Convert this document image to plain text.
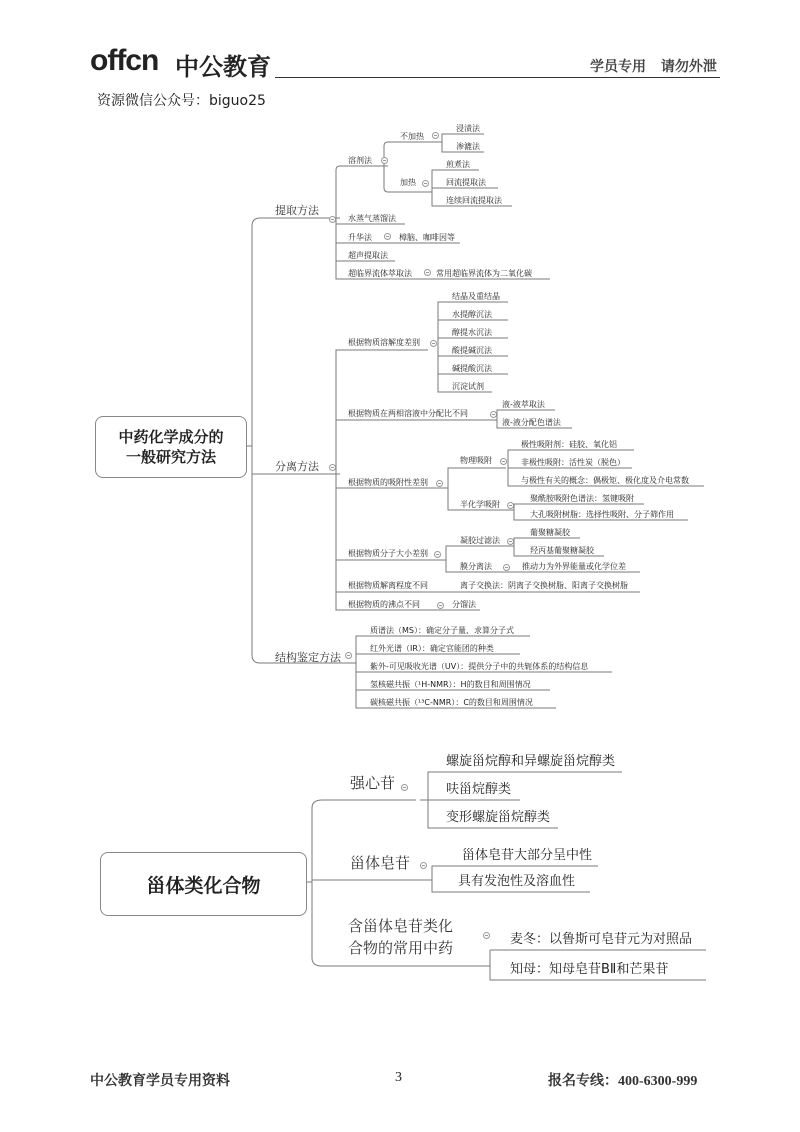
offcn 中公教育	学员专用 请勿外泄
资源微信公众号：biguo25
中药化学成分的
一般研究方法
提取方法
溶剂法
不加热
浸渍法
渗漉法
加热
煎煮法
回流提取法
连续回流提取法
水蒸气蒸馏法
升华法	樟脑、咖啡因等
超声提取法
超临界流体萃取法	常用超临界流体为二氧化碳
分离方法
根据物质溶解度差别
结晶及重结晶
水提醇沉法
醇提水沉法
酸提碱沉法
碱提酸沉法
沉淀试剂
根据物质在两相溶液中分配比不同
液-液萃取法
液-液分配色谱法
根据物质的吸附性差别
物理吸附
极性吸附剂：硅胶、氧化铝
非极性吸附：活性炭（脱色）
与极性有关的概念：偶极矩、极化度及介电常数
半化学吸附
聚酰胺吸附色谱法：氢键吸附
大孔吸附树脂：选择性吸附、分子筛作用
根据物质分子大小差别
凝胶过滤法
葡聚糖凝胶
羟丙基葡聚糖凝胶
膜分离法	推动力为外界能量或化学位差
根据物质解离程度不同	离子交换法：阴离子交换树脂、阳离子交换树脂
根据物质的沸点不同	分馏法
结构鉴定方法
质谱法（MS）：确定分子量、求算分子式
红外光谱（IR）：确定官能团的种类
紫外-可见吸收光谱（UV）：提供分子中的共轭体系的结构信息
氢核磁共振（¹H-NMR）：H的数目和周围情况
碳核磁共振（¹³C-NMR）：C的数目和周围情况
甾体类化合物
强心苷
螺旋甾烷醇和异螺旋甾烷醇类
呋甾烷醇类
变形螺旋甾烷醇类
甾体皂苷	甾体皂苷大部分呈中性
具有发泡性及溶血性
含甾体皂苷类化
合物的常用中药	麦冬：以鲁斯可皂苷元为对照品
知母：知母皂苷BⅡ和芒果苷
中公教育学员专用资料	3	报名专线：400-6300-999
